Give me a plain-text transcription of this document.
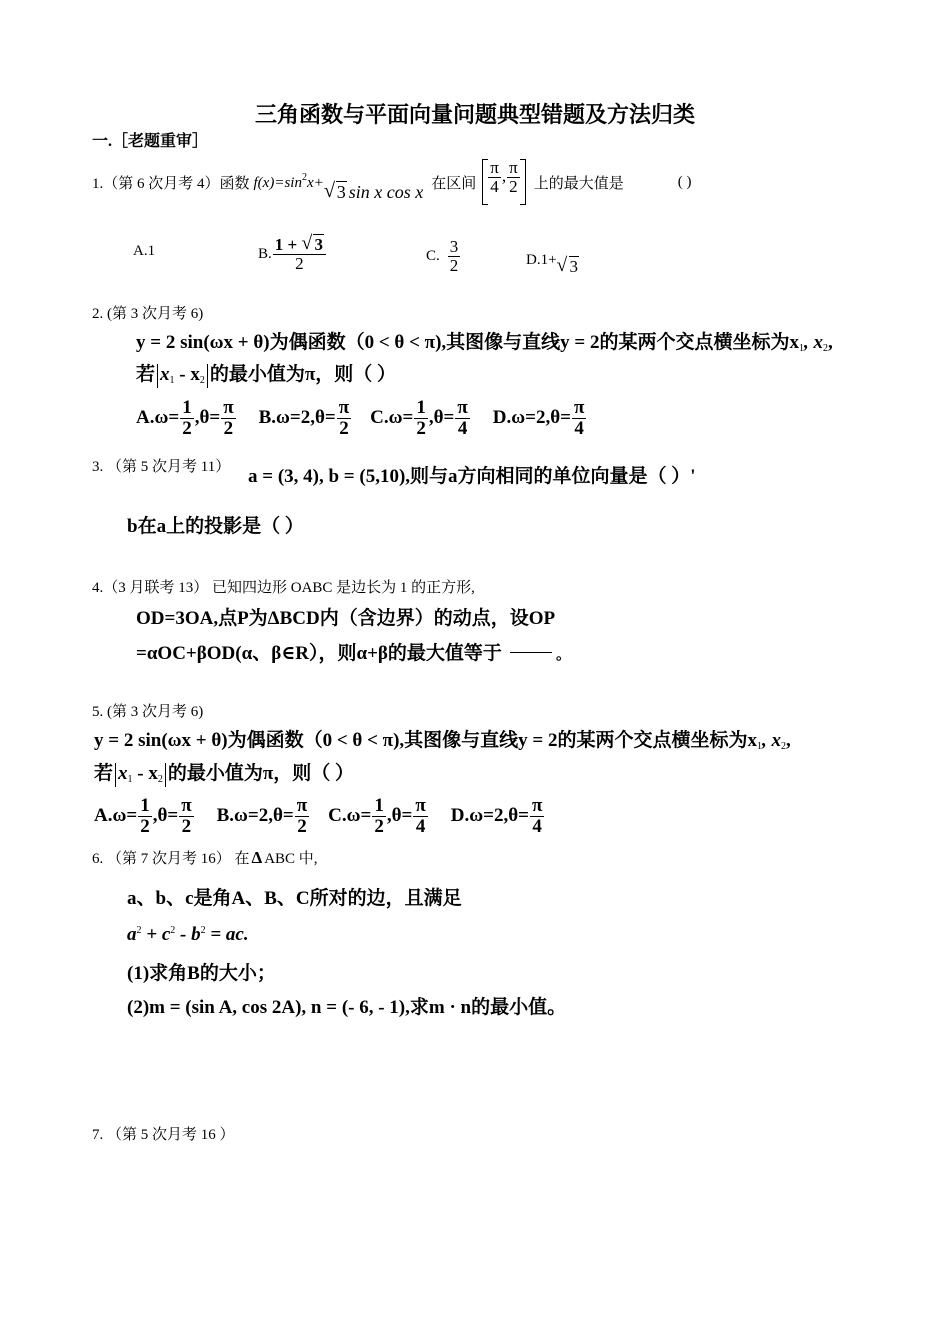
三角函数与平面向量问题典型错题及方法归类
一.［老题重审］
1.（第 6 次月考 4）函数 $f(x)=\sin^2x+$ √ 3 sin x cos x 在区间 $\frac{\pi}{4}$ , $\frac{\pi}{2}$ 上的最大值是	( )
A.1	B. $\frac{1 + √ 3}{2}$	C. $\frac{3}{2}$	D.1+ √ 3
2. (第 3 次月考 6)
y = 2 sin(ωx + θ)为偶函数（0 < θ < π),其图像与直线y = 2的某两个交点横坐标为$x_1$, $x_2$,
若 $x_1 - x_2$ 的最小值为π，则（ ）
$A.\omega= \frac{1}{2} ,\theta= \frac{\pi}{2} B.\omega=2,\theta= \frac{\pi}{2} C.\omega= \frac{1}{2} ,\theta= \frac{\pi}{4} D.\omega=2,\theta= \frac{\pi}{4}$
3. （第 5 次月考 11） a = (3, 4), b = (5,10),则与a方向相同的单位向量是（ ）'
b在a上的投影是（ ）
4.（3 月联考 13） 已知四边形 OABC 是边长为 1 的正方形,
OD=3OA,点P为ΔBCD内（含边界）的动点，设OP
=αOC+βOD(α、β∈R），则α+β的最大值等于	。
5. (第 3 次月考 6)
y = 2 sin(ωx + θ)为偶函数（0 < θ < π),其图像与直线y = 2的某两个交点横坐标为$x_1$, $x_2$,
若 $x_1 - x_2$ 的最小值为π，则（ ）
$A.\omega= \frac{1}{2} ,\theta= \frac{\pi}{2} B.\omega=2,\theta= \frac{\pi}{2} C.\omega= \frac{1}{2} ,\theta= \frac{\pi}{4} D.\omega=2,\theta= \frac{\pi}{4}$
6. （第 7 次月考 16） 在 Δ ABC 中,
a、b、c是角A、B、C所对的边，且满足
$a^2 + c^2 - b^2$ = ac.
(1)求角B的大小；
(2)m = (sin A, cos 2A), n = (- 6, - 1),求m · n的最小值。
7. （第 5 次月考 16 ）
